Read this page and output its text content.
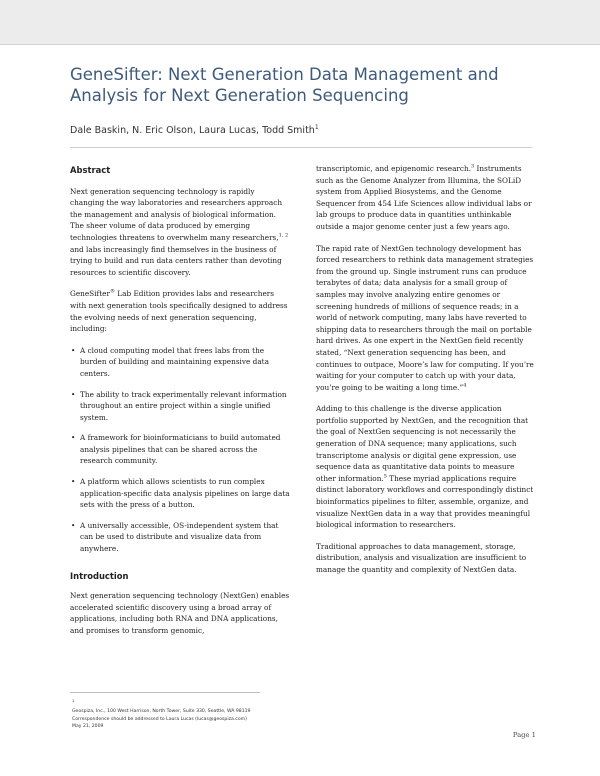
GeneSifter: Next Generation Data Management and Analysis for Next Generation Sequencing

Dale Baskin, N. Eric Olson, Laura Lucas, Todd Smith$^1$

Abstract

Next generation sequencing technology is rapidly changing the way laboratories and researchers approach the management and analysis of biological information. The sheer volume of data produced by emerging technologies threatens to overwhelm many researchers,$^{1, 2}$ and labs increasingly find themselves in the business of trying to build and run data centers rather than devoting resources to scientific discovery.

GeneSifter® Lab Edition provides labs and researchers with next generation tools specifically designed to address the evolving needs of next generation sequencing, including:

• A cloud computing model that frees labs from the burden of building and maintaining expensive data centers.
• The ability to track experimentally relevant information throughout an entire project within a single unified system.
• A framework for bioinformaticians to build automated analysis pipelines that can be shared across the research community.
• A platform which allows scientists to run complex application-specific data analysis pipelines on large data sets with the press of a button.
• A universally accessible, OS-independent system that can be used to distribute and visualize data from anywhere.
Introduction

Next generation sequencing technology (NextGen) enables accelerated scientific discovery using a broad array of applications, including both RNA and DNA applications, and promises to transform genomic,

transcriptomic, and epigenomic research.$^3$ Instruments such as the Genome Analyzer from Illumina, the SOLiD system from Applied Biosystems, and the Genome Sequencer from 454 Life Sciences allow individual labs or lab groups to produce data in quantities unthinkable outside a major genome center just a few years ago.

The rapid rate of NextGen technology development has forced researchers to rethink data management strategies from the ground up. Single instrument runs can produce terabytes of data; data analysis for a small group of samples may involve analyzing entire genomes or screening hundreds of millions of sequence reads; in a world of network computing, many labs have reverted to shipping data to researchers through the mail on portable hard drives. As one expert in the NextGen field recently stated, “Next generation sequencing has been, and continues to outpace, Moore’s law for computing. If you’re waiting for your computer to catch up with your data, you’re going to be waiting a long time.”$^4$

Adding to this challenge is the diverse application portfolio supported by NextGen, and the recognition that the goal of NextGen sequencing is not necessarily the generation of DNA sequence; many applications, such transcriptome analysis or digital gene expression, use sequence data as quantitative data points to measure other information.$^5$ These myriad applications require distinct laboratory workflows and correspondingly distinct bioinformatics pipelines to filter, assemble, organize, and visualize NextGen data in a way that provides meaningful biological information to researchers.

Traditional approaches to data management, storage, distribution, analysis and visualization are insufficient to manage the quantity and complexity of NextGen data.

$^1$
Geospiza, Inc., 100 West Harrison, North Tower, Suite 330, Seattle, WA 98119
Correspondence should be addressed to Laura Lucas (lucas@geospiza.com)
May 21, 2009
Page 1
